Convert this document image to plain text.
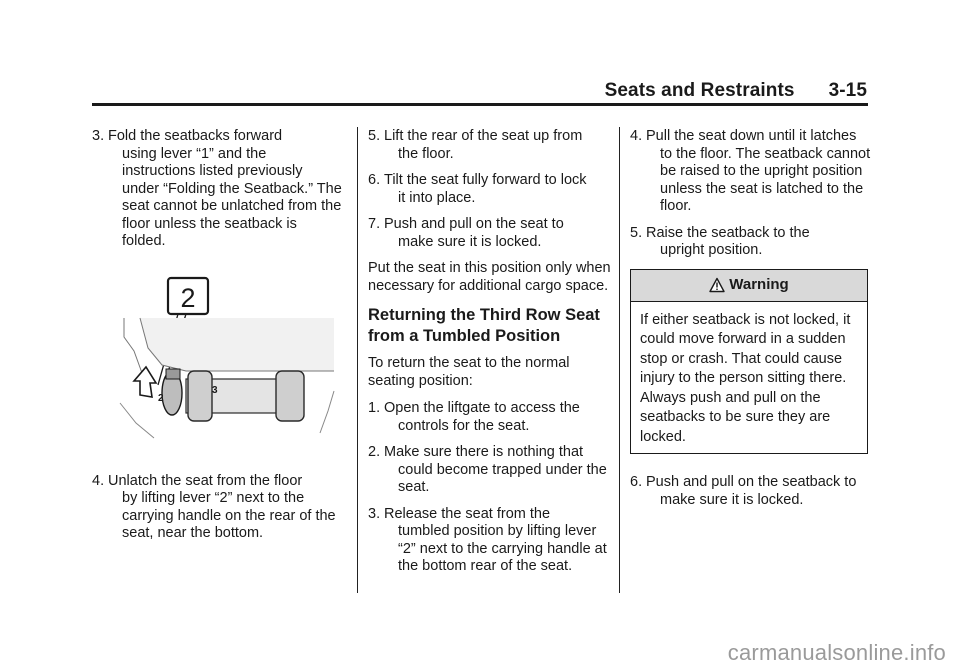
Seats and Restraints 3-15
3. Fold the seatbacks forward
using lever “1” and the instructions listed previously under “Folding the Seatback.” The seat cannot be unlatched from the floor unless the seatback is folded.
2
2
3
4. Unlatch the seat from the floor
by lifting lever “2” next to the carrying handle on the rear of the seat, near the bottom.
5. Lift the rear of the seat up from
the floor.
6. Tilt the seat fully forward to lock
it into place.
7. Push and pull on the seat to
make sure it is locked.

Put the seat in this position only when necessary for additional cargo space.

Returning the Third Row Seat from a Tumbled Position

To return the seat to the normal seating position:

1. Open the liftgate to access the
controls for the seat.
2. Make sure there is nothing that
could become trapped under the seat.
3. Release the seat from the
tumbled position by lifting lever “2” next to the carrying handle at the bottom rear of the seat.
4. Pull the seat down until it latches
to the floor. The seatback cannot be raised to the upright position unless the seat is latched to the floor.
5. Raise the seatback to the
upright position.
Warning
If either seatback is not locked, it could move forward in a sudden stop or crash. That could cause injury to the person sitting there. Always push and pull on the seatbacks to be sure they are locked.
6. Push and pull on the seatback to
make sure it is locked.
carmanualsonline.info
